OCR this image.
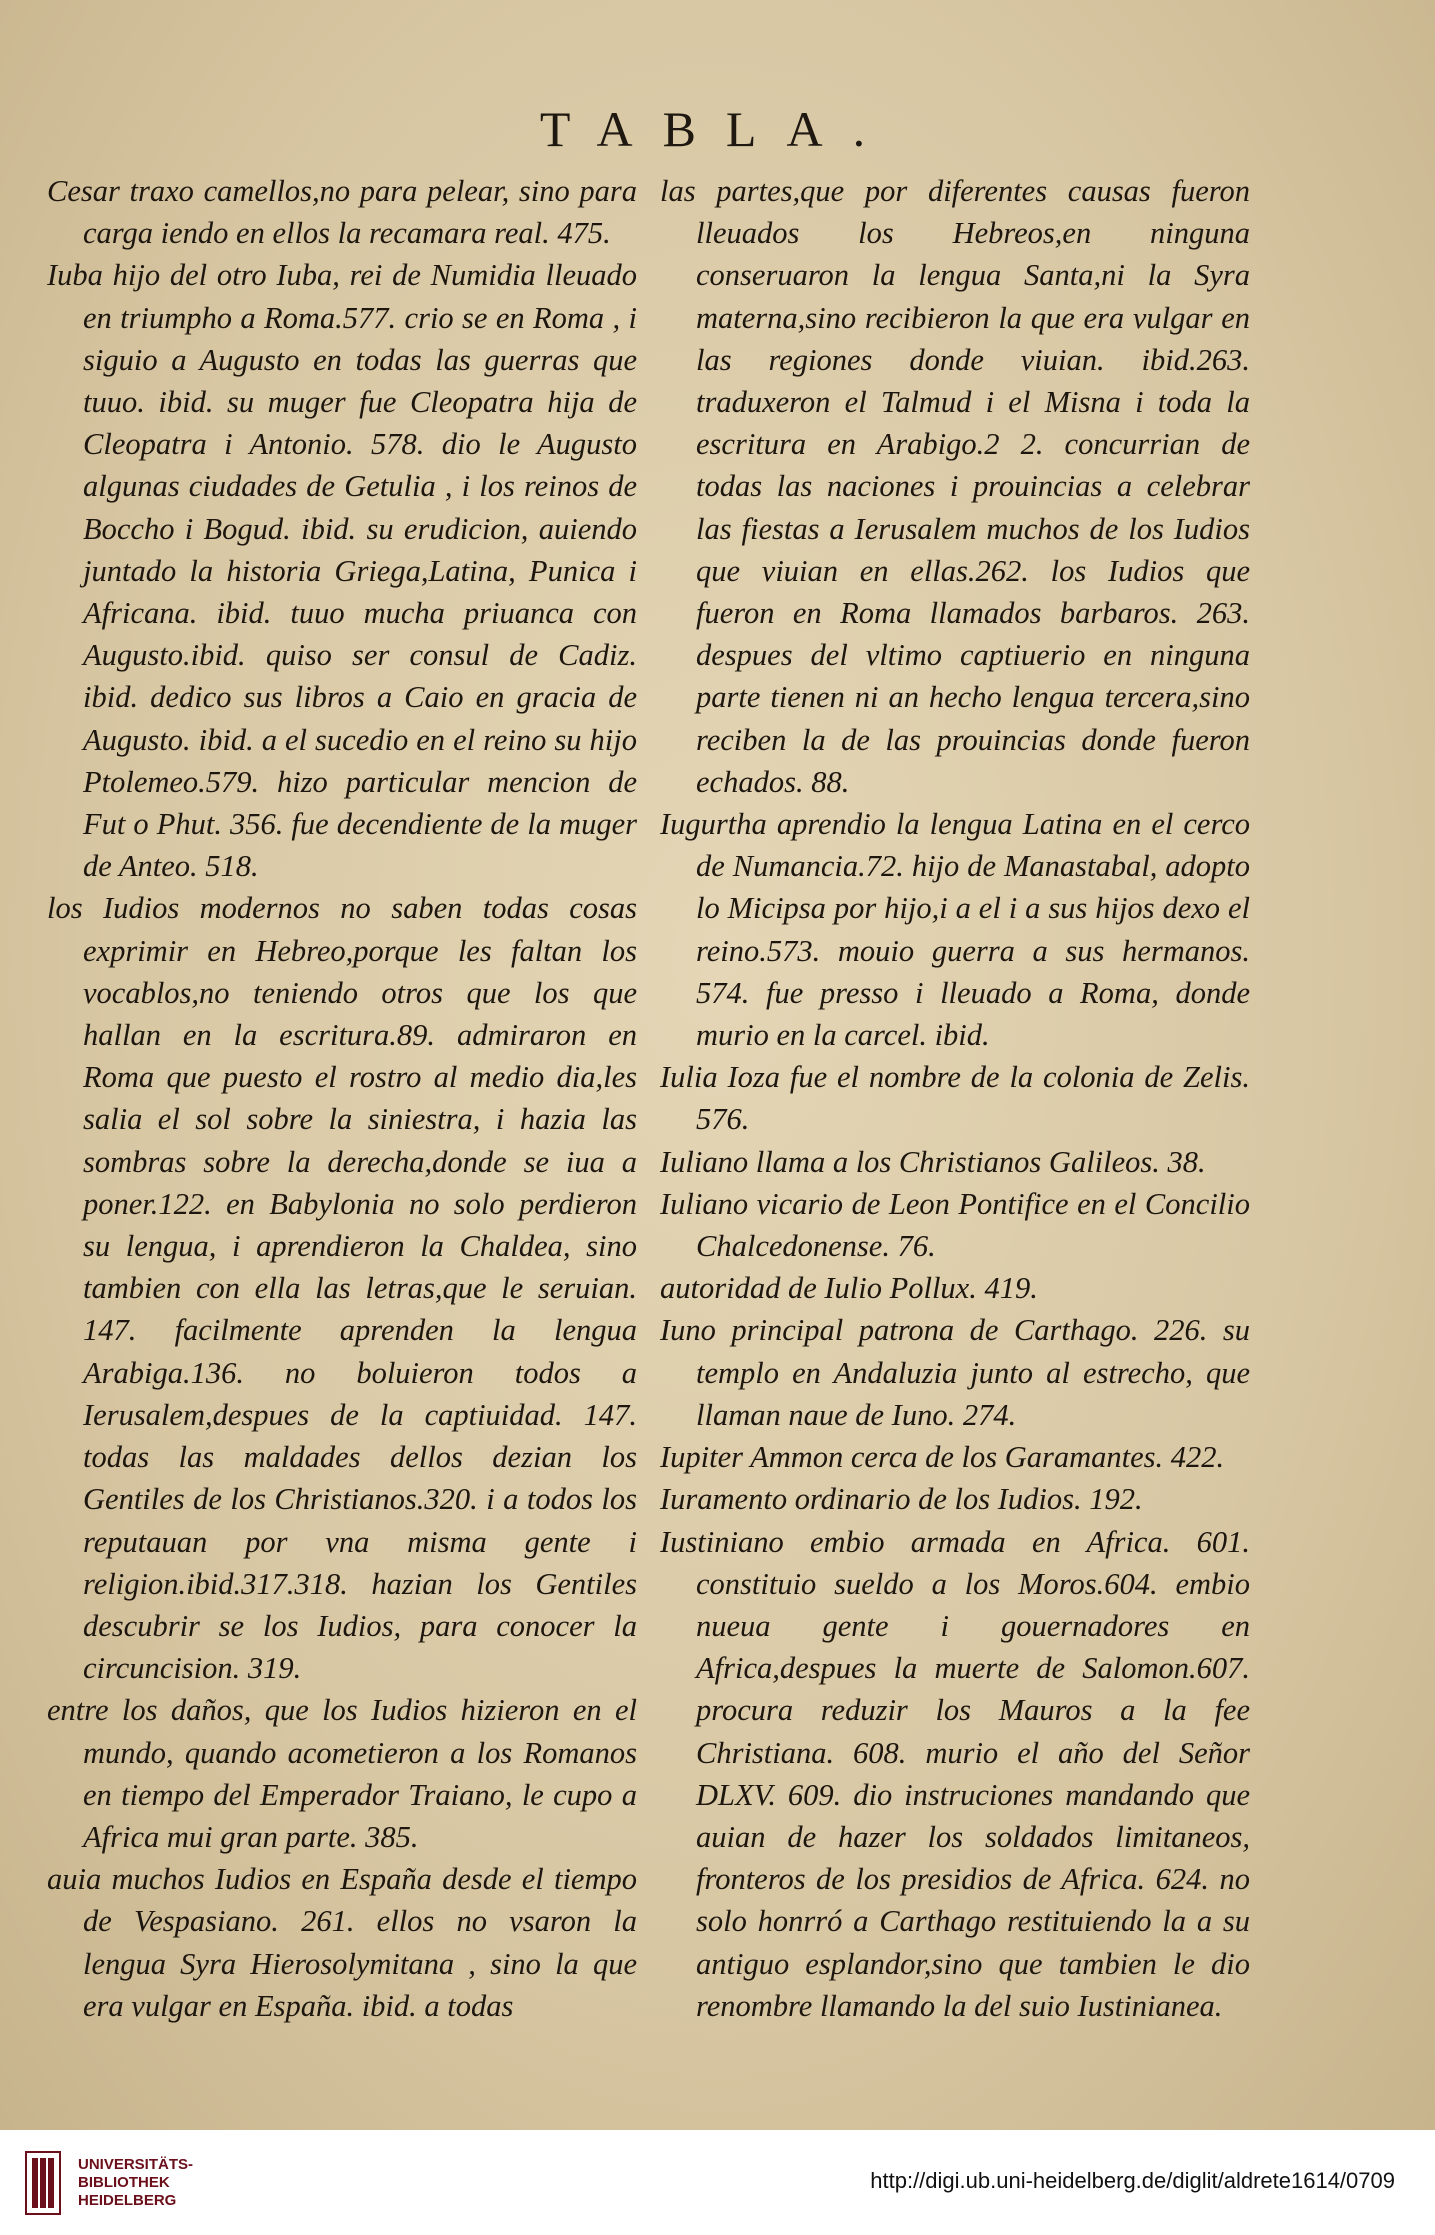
TABLA.

Cesar traxo camellos,no para pelear, sino para carga iendo en ellos la recamara real. 475.

Iuba hijo del otro Iuba, rei de Numidia lleuado en triumpho a Roma.577. crio se en Roma , i siguio a Augusto en todas las guerras que tuuo. ibid. su muger fue Cleopatra hija de Cleopatra i Antonio. 578. dio le Augusto algunas ciudades de Getulia , i los reinos de Boccho i Bogud. ibid. su erudicion, auiendo juntado la historia Griega,Latina, Punica i Africana. ibid. tuuo mucha priuanca con Augusto.ibid. quiso ser consul de Cadiz. ibid. dedico sus libros a Caio en gracia de Augusto. ibid. a el sucedio en el reino su hijo Ptolemeo.579. hizo particular mencion de Fut o Phut. 356. fue decendiente de la muger de Anteo. 518.

los Iudios modernos no saben todas cosas exprimir en Hebreo,porque les faltan los vocablos,no teniendo otros que los que hallan en la escritura.89. admiraron en Roma que puesto el rostro al medio dia,les salia el sol sobre la siniestra, i hazia las sombras sobre la derecha,donde se iua a poner.122. en Babylonia no solo perdieron su lengua, i aprendieron la Chaldea, sino tambien con ella las letras,que le seruian. 147. facilmente aprenden la lengua Arabiga.136. no boluieron todos a Ierusalem,despues de la captiuidad. 147. todas las maldades dellos dezian los Gentiles de los Christianos.320. i a todos los reputauan por vna misma gente i religion.ibid.317.318. hazian los Gentiles descubrir se los Iudios, para conocer la circuncision. 319.

entre los daños, que los Iudios hizieron en el mundo, quando acometieron a los Romanos en tiempo del Emperador Traiano, le cupo a Africa mui gran parte. 385.

auia muchos Iudios en España desde el tiempo de Vespasiano. 261. ellos no vsaron la lengua Syra Hierosolymitana , sino la que era vulgar en España. ibid. a todas

las partes,que por diferentes causas fueron lleuados los Hebreos,en ninguna conseruaron la lengua Santa,ni la Syra materna,sino recibieron la que era vulgar en las regiones donde viuian. ibid.263. traduxeron el Talmud i el Misna i toda la escritura en Arabigo.2 2. concurrian de todas las naciones i prouincias a celebrar las fiestas a Ierusalem muchos de los Iudios que viuian en ellas.262. los Iudios que fueron en Roma llamados barbaros. 263. despues del vltimo captiuerio en ninguna parte tienen ni an hecho lengua tercera,sino reciben la de las prouincias donde fueron echados. 88.

Iugurtha aprendio la lengua Latina en el cerco de Numancia.72. hijo de Manastabal, adopto lo Micipsa por hijo,i a el i a sus hijos dexo el reino.573. mouio guerra a sus hermanos. 574. fue presso i lleuado a Roma, donde murio en la carcel. ibid.

Iulia Ioza fue el nombre de la colonia de Zelis. 576.

Iuliano llama a los Christianos Galileos. 38.

Iuliano vicario de Leon Pontifice en el Concilio Chalcedonense. 76.

autoridad de Iulio Pollux. 419.

Iuno principal patrona de Carthago. 226. su templo en Andaluzia junto al estrecho, que llaman naue de Iuno. 274.

Iupiter Ammon cerca de los Garamantes. 422.

Iuramento ordinario de los Iudios. 192.

Iustiniano embio armada en Africa. 601. constituio sueldo a los Moros.604. embio nueua gente i gouernadores en Africa,despues la muerte de Salomon.607. procura reduzir los Mauros a la fee Christiana. 608. murio el año del Señor DLXV. 609. dio instruciones mandando que auian de hazer los soldados limitaneos, fronteros de los presidios de Africa. 624. no solo honrró a Carthago restituiendo la a su antiguo esplandor,sino que tambien le dio renombre llamando la del suio Iustinianea.

UNIVERSITÄTS-
BIBLIOTHEK
HEIDELBERG
http://digi.ub.uni-heidelberg.de/diglit/aldrete1614/0709
